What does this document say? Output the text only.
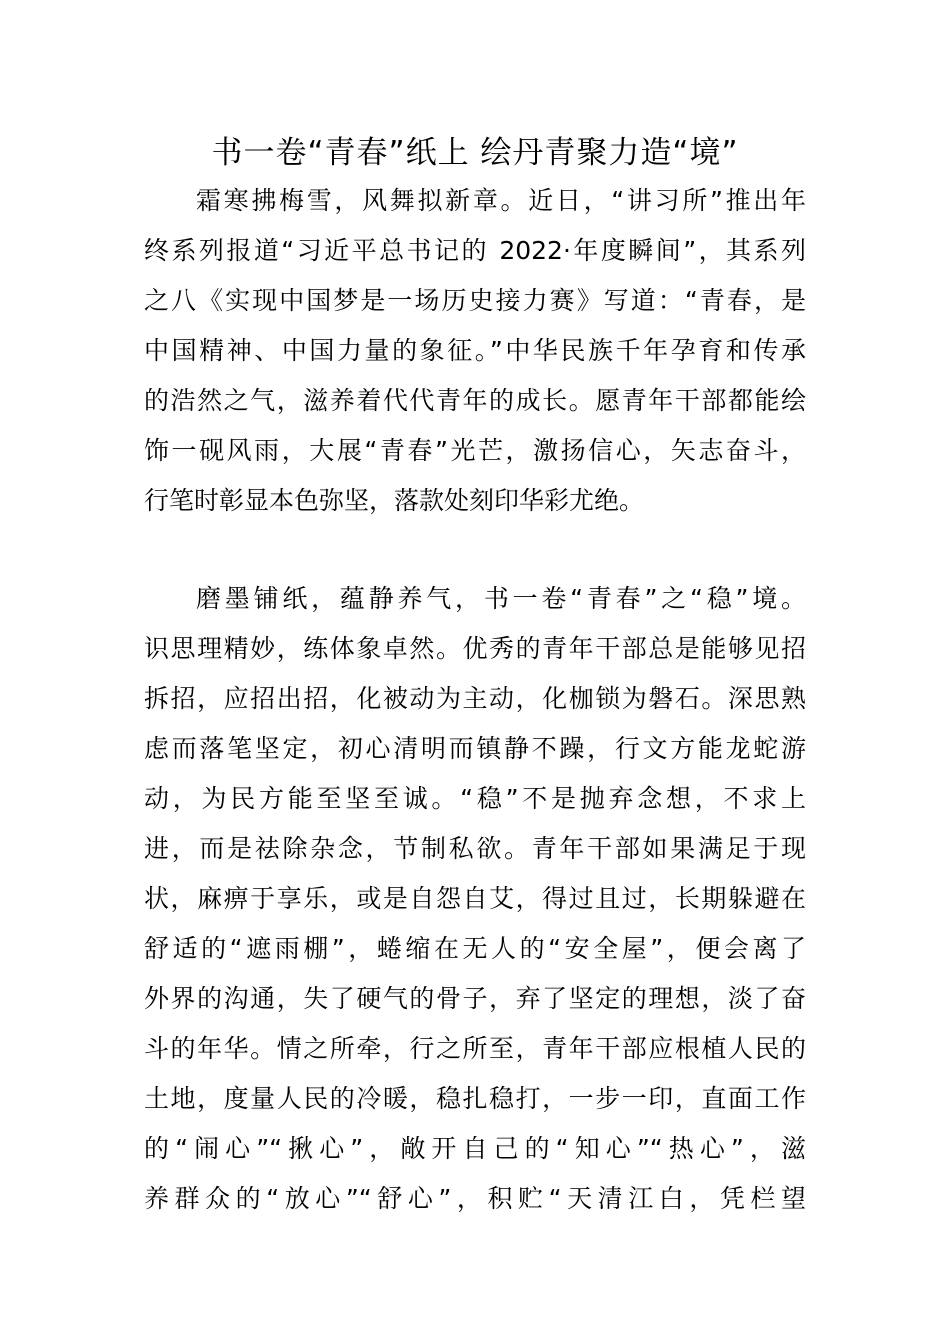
书一卷“青春”纸上 绘丹青聚力造“境”
霜寒拂梅雪，风舞拟新章。近日，“讲习所”推出年
终系列报道“习近平总书记的 2022·年度瞬间”，其系列
之八《实现中国梦是一场历史接力赛》写道：“青春，是
中国精神、中国力量的象征。”中华民族千年孕育和传承
的浩然之气，滋养着代代青年的成长。愿青年干部都能绘
饰一砚风雨，大展“青春”光芒，激扬信心，矢志奋斗，
行笔时彰显本色弥坚，落款处刻印华彩尤绝。
磨墨铺纸，蕴静养气，书一卷“青春”之“稳”境。
识思理精妙，练体象卓然。优秀的青年干部总是能够见招
拆招，应招出招，化被动为主动，化枷锁为磐石。深思熟
虑而落笔坚定，初心清明而镇静不躁，行文方能龙蛇游
动，为民方能至坚至诚。“稳”不是抛弃念想，不求上
进，而是祛除杂念，节制私欲。青年干部如果满足于现
状，麻痹于享乐，或是自怨自艾，得过且过，长期躲避在
舒适的“遮雨棚”，蜷缩在无人的“安全屋”，便会离了
外界的沟通，失了硬气的骨子，弃了坚定的理想，淡了奋
斗的年华。情之所牵，行之所至，青年干部应根植人民的
土地，度量人民的冷暖，稳扎稳打，一步一印，直面工作
的“闹心”“揪心”，敞开自己的“知心”“热心”，滋
养群众的“放心”“舒心”，积贮“天清江白，凭栏望
